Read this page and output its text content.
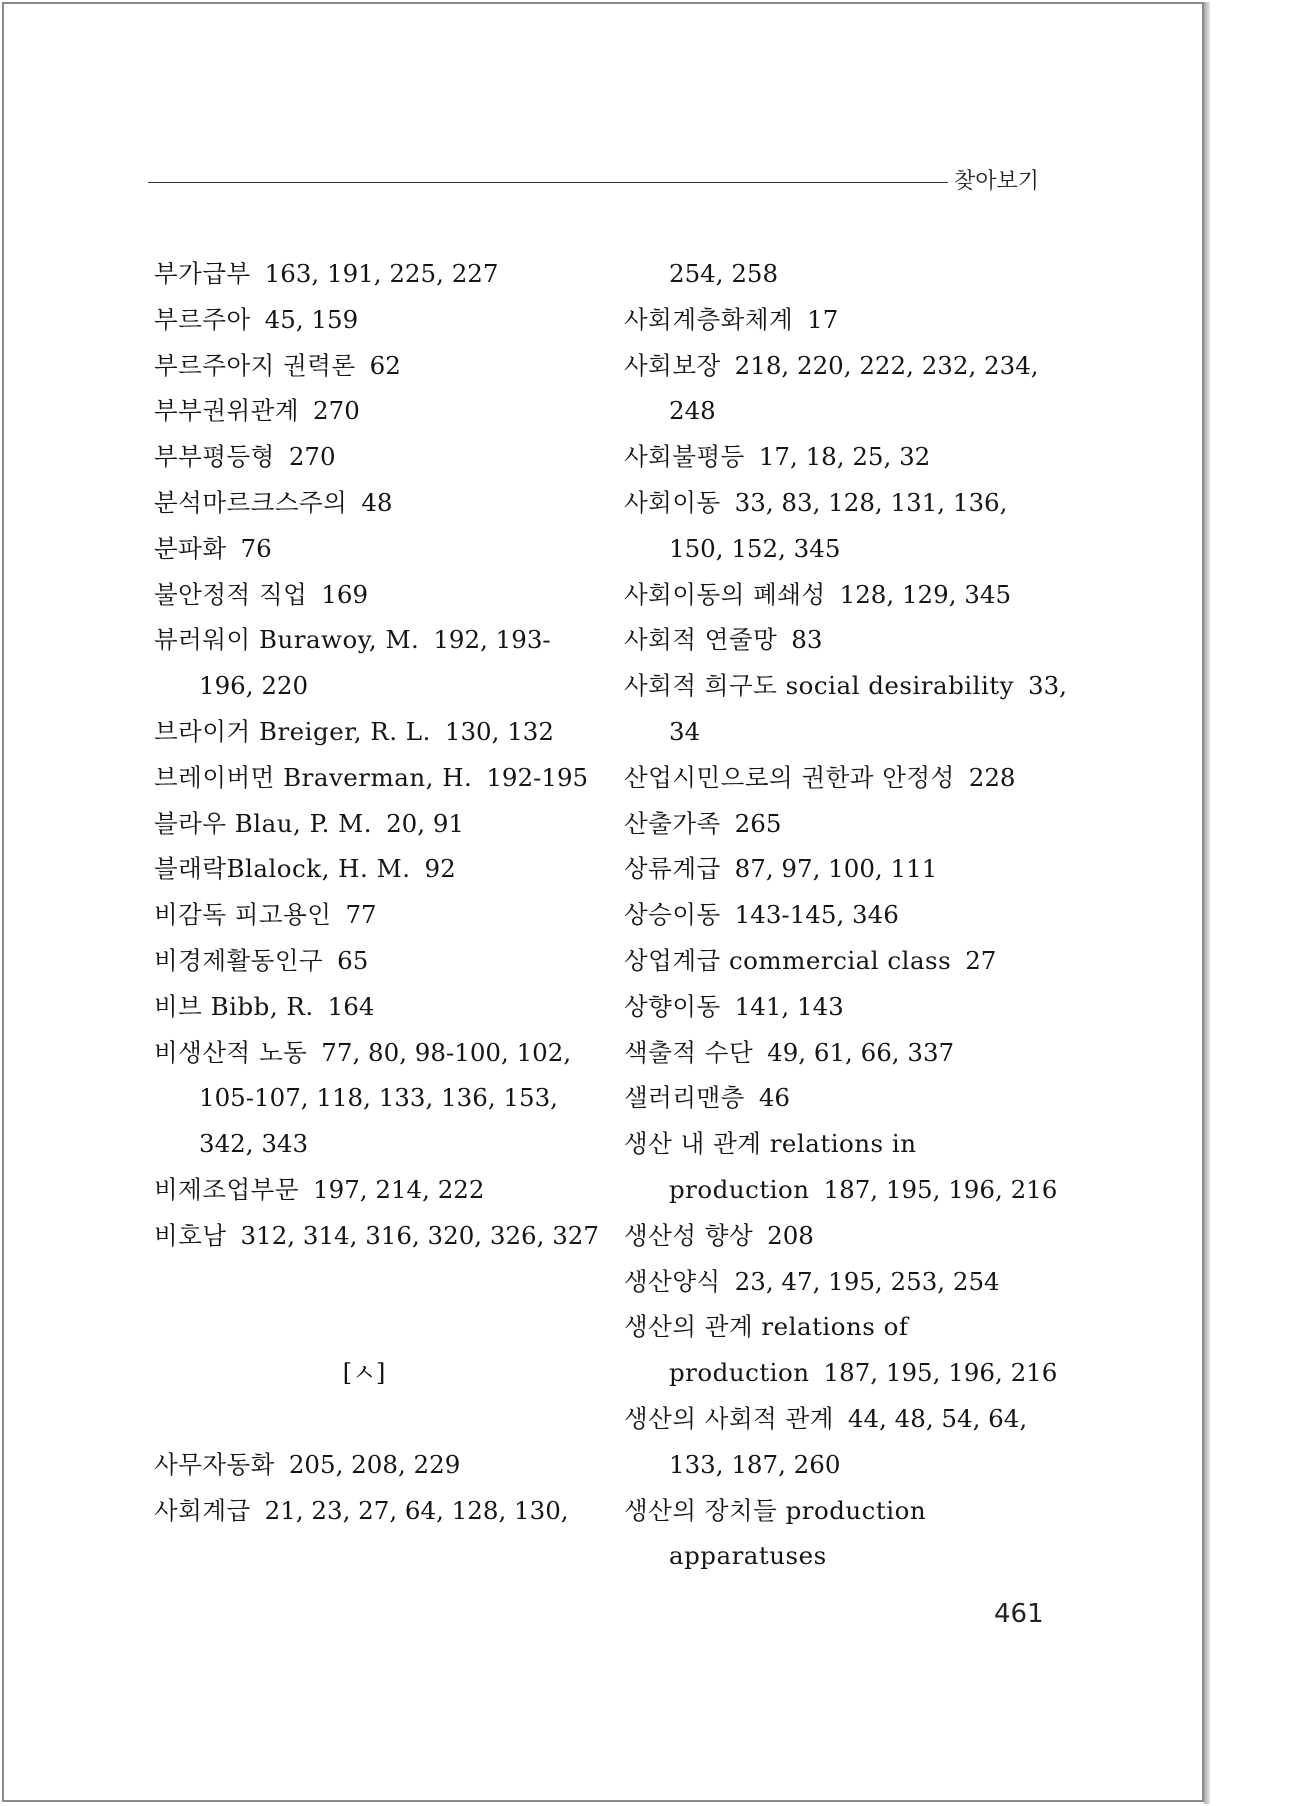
찾아보기
부가급부 163, 191, 225, 227
부르주아 45, 159
부르주아지 권력론 62
부부권위관계 270
부부평등형 270
분석마르크스주의 48
분파화 76
불안정적 직업 169
뷰러워이 Burawoy, M. 192, 193-196, 220
브라이거 Breiger, R. L. 130, 132
브레이버먼 Braverman, H. 192-195
블라우 Blau, P. M. 20, 91
블래락Blalock, H. M. 92
비감독 피고용인 77
비경제활동인구 65
비브 Bibb, R. 164
비생산적 노동 77, 80, 98-100, 102, 105-107, 118, 133, 136, 153, 342, 343
비제조업부문 197, 214, 222
비호남 312, 314, 316, 320, 326, 327
[ㅅ]
사무자동화 205, 208, 229
사회계급 21, 23, 27, 64, 128, 130,
254, 258
사회계층화체계 17
사회보장 218, 220, 222, 232, 234, 248
사회불평등 17, 18, 25, 32
사회이동 33, 83, 128, 131, 136, 150, 152, 345
사회이동의 폐쇄성 128, 129, 345
사회적 연줄망 83
사회적 희구도 social desirability 33, 34
산업시민으로의 권한과 안정성 228
산출가족 265
상류계급 87, 97, 100, 111
상승이동 143-145, 346
상업계급 commercial class 27
상향이동 141, 143
색출적 수단 49, 61, 66, 337
샐러리맨층 46
생산 내 관계 relations in production 187, 195, 196, 216
생산성 향상 208
생산양식 23, 47, 195, 253, 254
생산의 관계 relations of production 187, 195, 196, 216
생산의 사회적 관계 44, 48, 54, 64, 133, 187, 260
생산의 장치들 production apparatuses
461
